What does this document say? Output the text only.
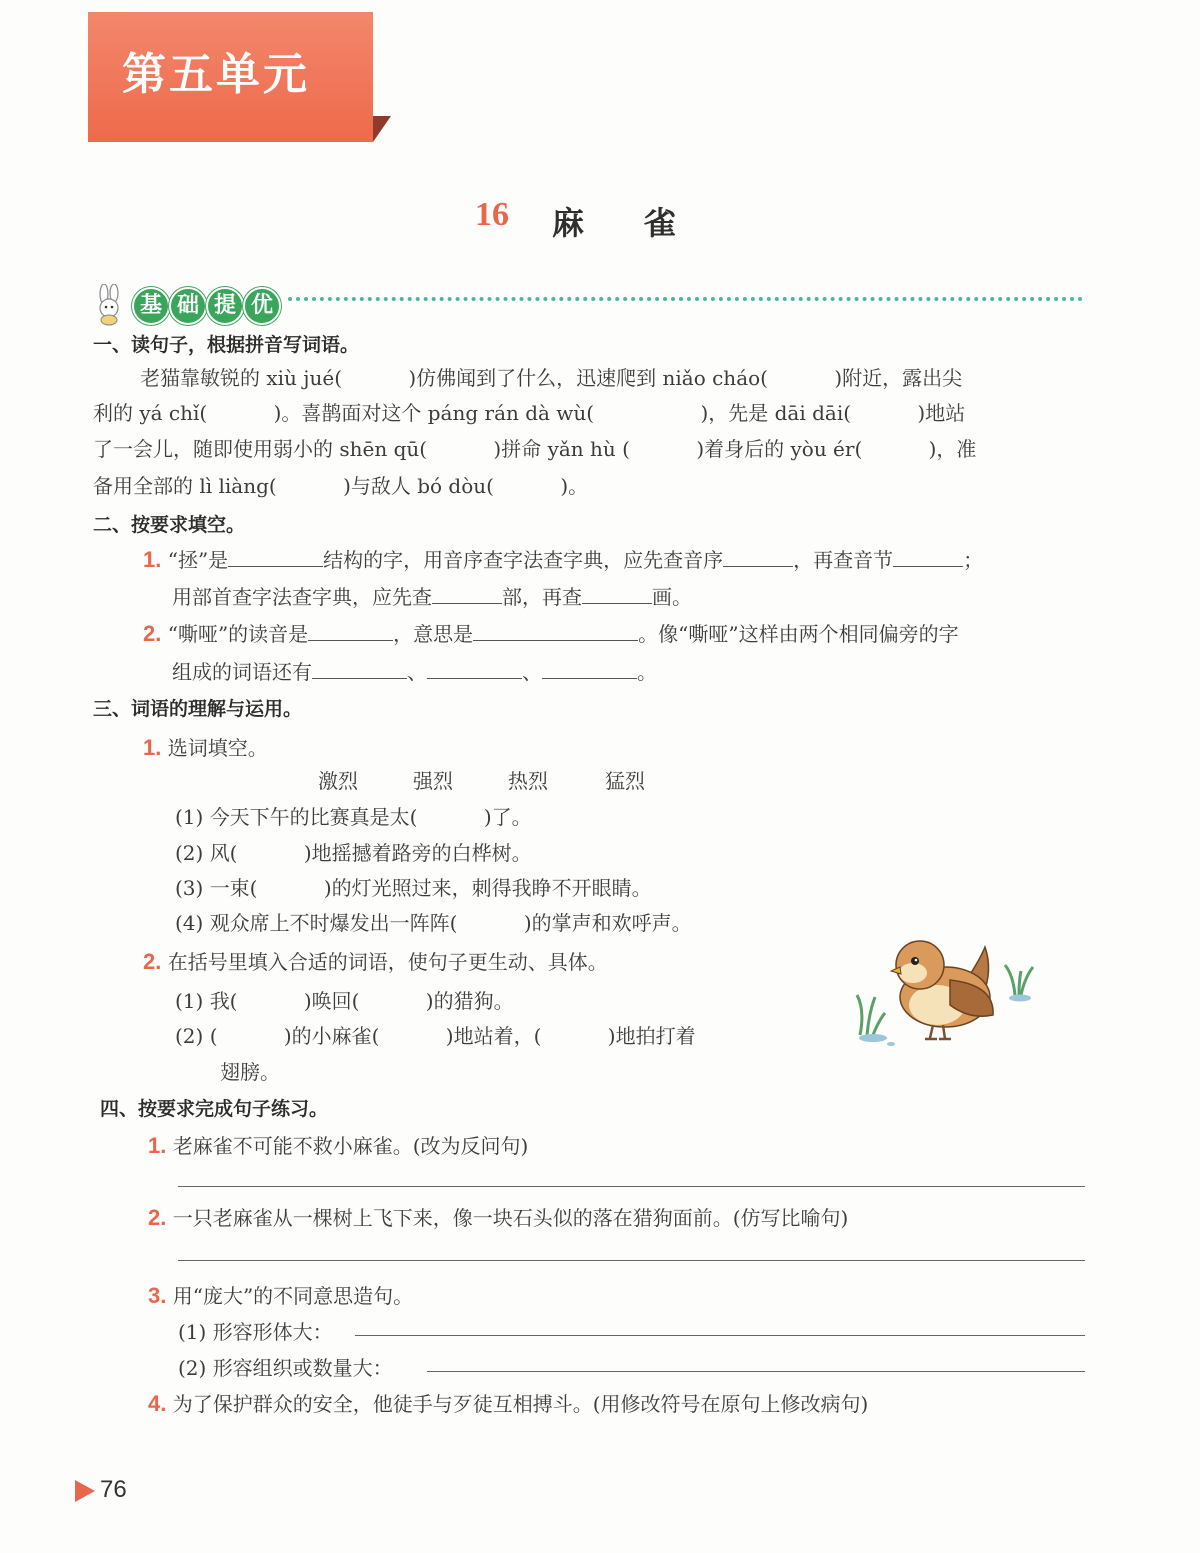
第五单元
16 麻雀
基 础 提 优
一、读句子，根据拼音写词语。
老猫靠敏锐的 xiù jué(　　　 )仿佛闻到了什么，迅速爬到 niǎo cháo(　　　 )附近，露出尖
利的 yá chǐ(　　　 )。喜鹊面对这个 páng rán dà wù(　　　　　 )，先是 dāi dāi(　　　 )地站
了一会儿，随即使用弱小的 shēn qū(　　　 )拼命 yǎn hù (　　　 )着身后的 yòu ér(　　　 )，准
备用全部的 lì liàng(　　　 )与敌人 bó dòu(　　　 )。
二、按要求填空。
1. “拯”是	结构的字，用音序查字法查字典，应先查音序	，再查音节	；
用部首查字法查字典，应先查	部，再查	画。
2. “嘶哑”的读音是	，意思是	。像“嘶哑”这样由两个相同偏旁的字
组成的词语还有	、	、	。
三、词语的理解与运用。
1. 选词填空。
激烈	强烈	热烈	猛烈
(1) 今天下午的比赛真是太(　　　 )了。
(2) 风(　　　 )地摇撼着路旁的白桦树。
(3) 一束(　　　 )的灯光照过来，刺得我睁不开眼睛。
(4) 观众席上不时爆发出一阵阵(　　　 )的掌声和欢呼声。
2. 在括号里填入合适的词语，使句子更生动、具体。
(1) 我(　　　 )唤回(　　　 )的猎狗。
(2) (　　　 )的小麻雀(　　　 )地站着，(　　　 )地拍打着
翅膀。
四、按要求完成句子练习。
1. 老麻雀不可能不救小麻雀。(改为反问句)
2. 一只老麻雀从一棵树上飞下来，像一块石头似的落在猎狗面前。(仿写比喻句)
3. 用“庞大”的不同意思造句。
(1) 形容形体大：
(2) 形容组织或数量大：
4. 为了保护群众的安全，他徒手与歹徒互相搏斗。(用修改符号在原句上修改病句)
76
